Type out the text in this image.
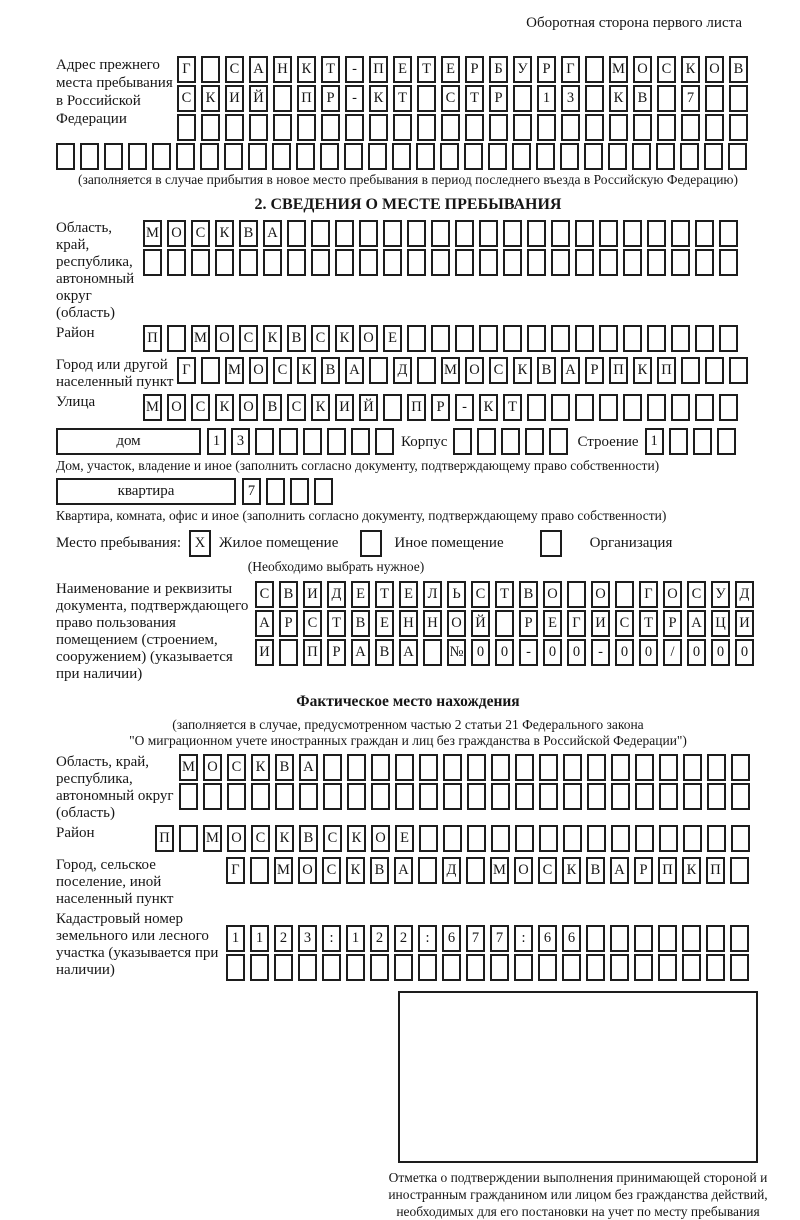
Оборотная сторона первого листа
Адрес прежнего места пребывания в Российской Федерации
Г	С А Н К	Т	-	П Е	Т	Е	Р	Б	У	Р	Г	М О С К О В
С К И Й	П	Р	-	К	Т	С	Т	Р	1	3	К В	7
(заполняется в случае прибытия в новое место пребывания в период последнего въезда в Российскую Федерацию)
2. СВЕДЕНИЯ О МЕСТЕ ПРЕБЫВАНИЯ
Область, край, республика, автономный округ (область)
М О С К В А
Район	П	М О С К В С К О Е
Город или другой населенный пункт
Г	М О С К В А	Д	М О С К В А	Р	П К П
Улица	М О С К О В С К И Й	П	Р	-	К	Т
дом	1	3	Корпус	Строение 1
Дом, участок, владение и иное (заполнить согласно документу, подтверждающему право собственности)
квартира	7
Квартира, комната, офис и иное (заполнить согласно документу, подтверждающему право собственности)
Место пребывания: X Жилое помещение	Иное помещение	Организация
(Необходимо выбрать нужное)
Наименование и реквизиты документа, подтверждающего право пользования помещением (строением, сооружением) (указывается при наличии)
С В И Д	Е	Т	Е	Л	Ь	С	Т	В О	О	Г	О С У Д
А	Р	С	Т	В	Е Н Н О Й	Р	Е	Г	И С	Т	Р	А Ц И
И	П	Р	А В А № 0	0	-	0	0	-	0	0	/	0	0	0
Фактическое место нахождения
(заполняется в случае, предусмотренном частью 2 статьи 21 Федерального закона
"О миграционном учете иностранных граждан и лиц без гражданства в Российской Федерации")
Область, край, республика, автономный округ (область)
М О С К В А
Район	П	М О С К В С К О Е
Город, сельское поселение, иной населенный пункт
Г	М О С К В А	Д	М О С К В А	Р	П К П
Кадастровый номер земельного или лесного участка (указывается при наличии)
1	1	2	3	:	1	2	2	:	6	7	7	:	6	6
Отметка о подтверждении выполнения принимающей стороной и иностранным гражданином или лицом без гражданства действий, необходимых для его постановки на учет по месту пребывания
